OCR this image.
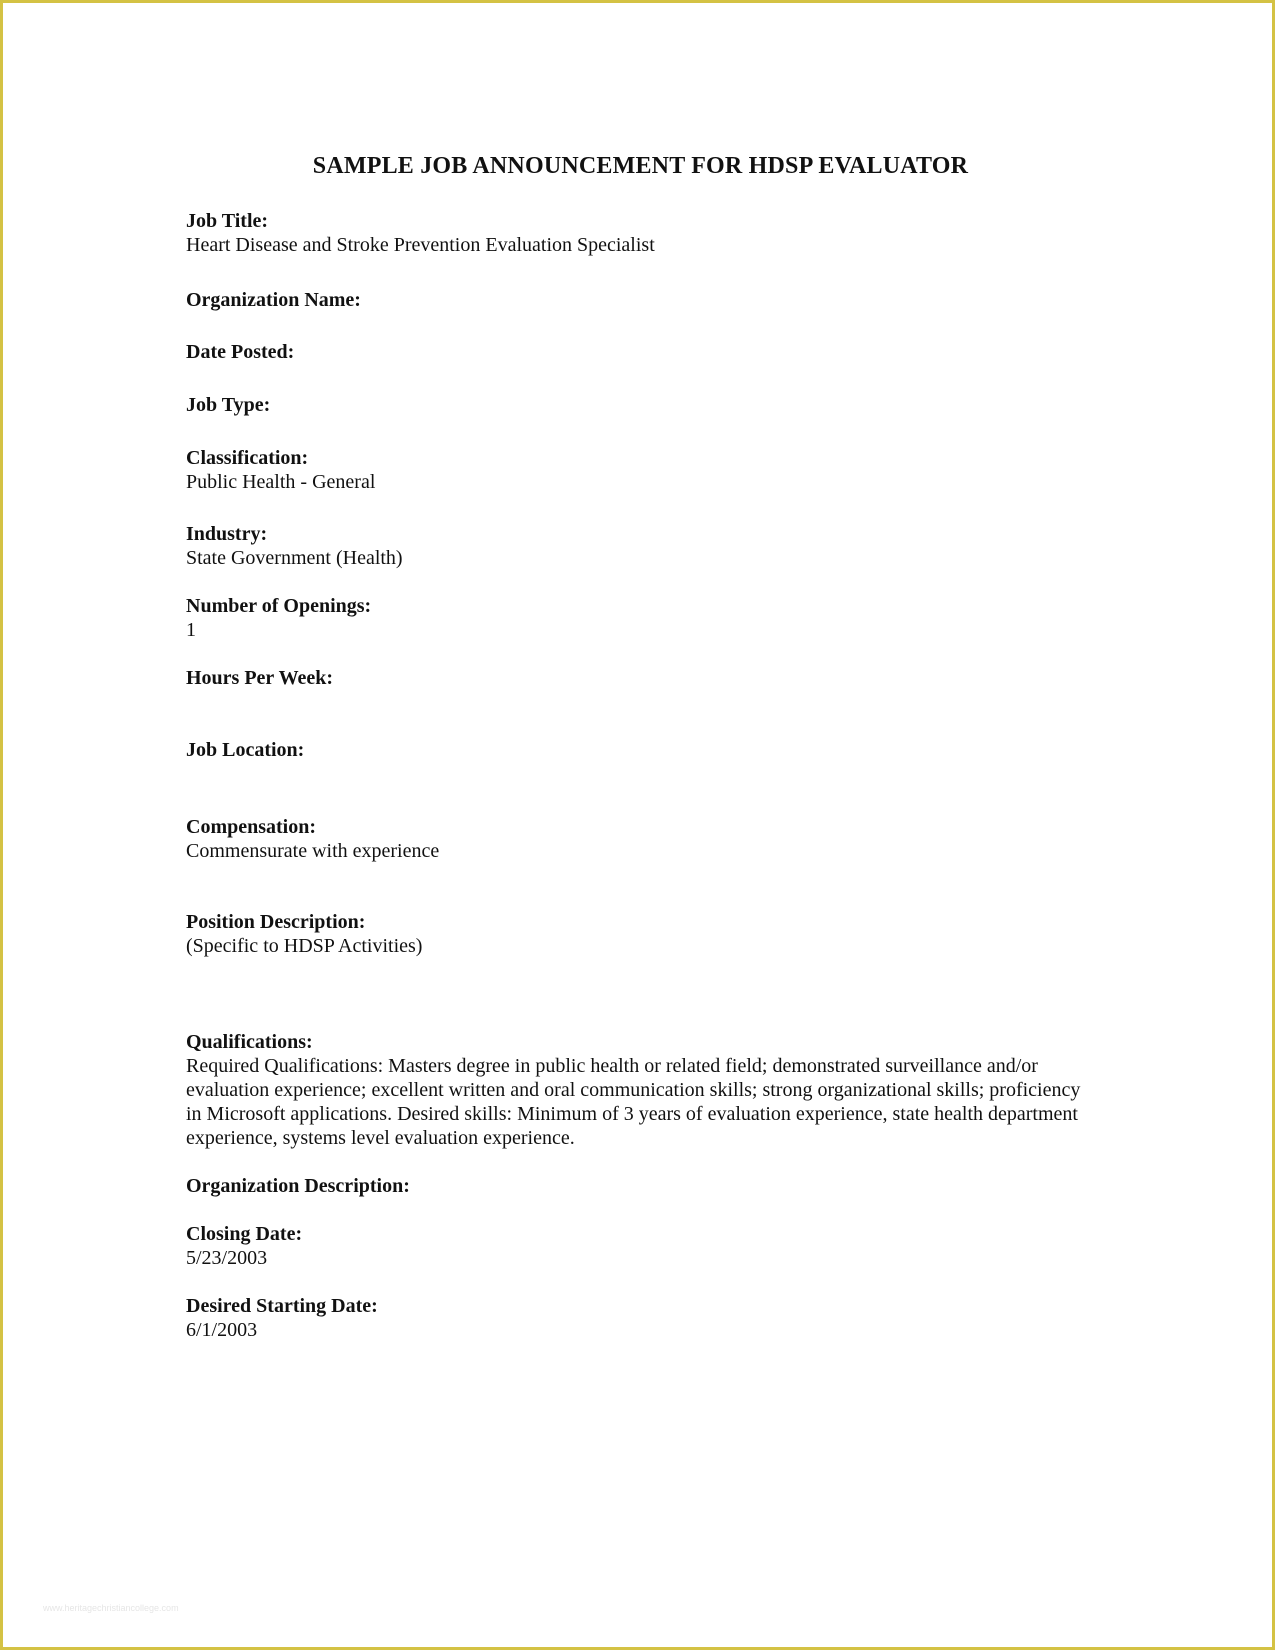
SAMPLE JOB ANNOUNCEMENT FOR HDSP EVALUATOR
Job Title:
Heart Disease and Stroke Prevention Evaluation Specialist
Organization Name:
Date Posted:
Job Type:
Classification:
Public Health - General
Industry:
State Government (Health)
Number of Openings:
1
Hours Per Week:
Job Location:
Compensation:
Commensurate with experience
Position Description:
(Specific to HDSP Activities)
Qualifications:
Required Qualifications: Masters degree in public health or related field; demonstrated surveillance and/or evaluation experience; excellent written and oral communication skills; strong organizational skills; proficiency in Microsoft applications. Desired skills: Minimum of 3 years of evaluation experience, state health department experience, systems level evaluation experience.
Organization Description:
Closing Date:
5/23/2003
Desired Starting Date:
6/1/2003
www.heritagechristiancollege.com
